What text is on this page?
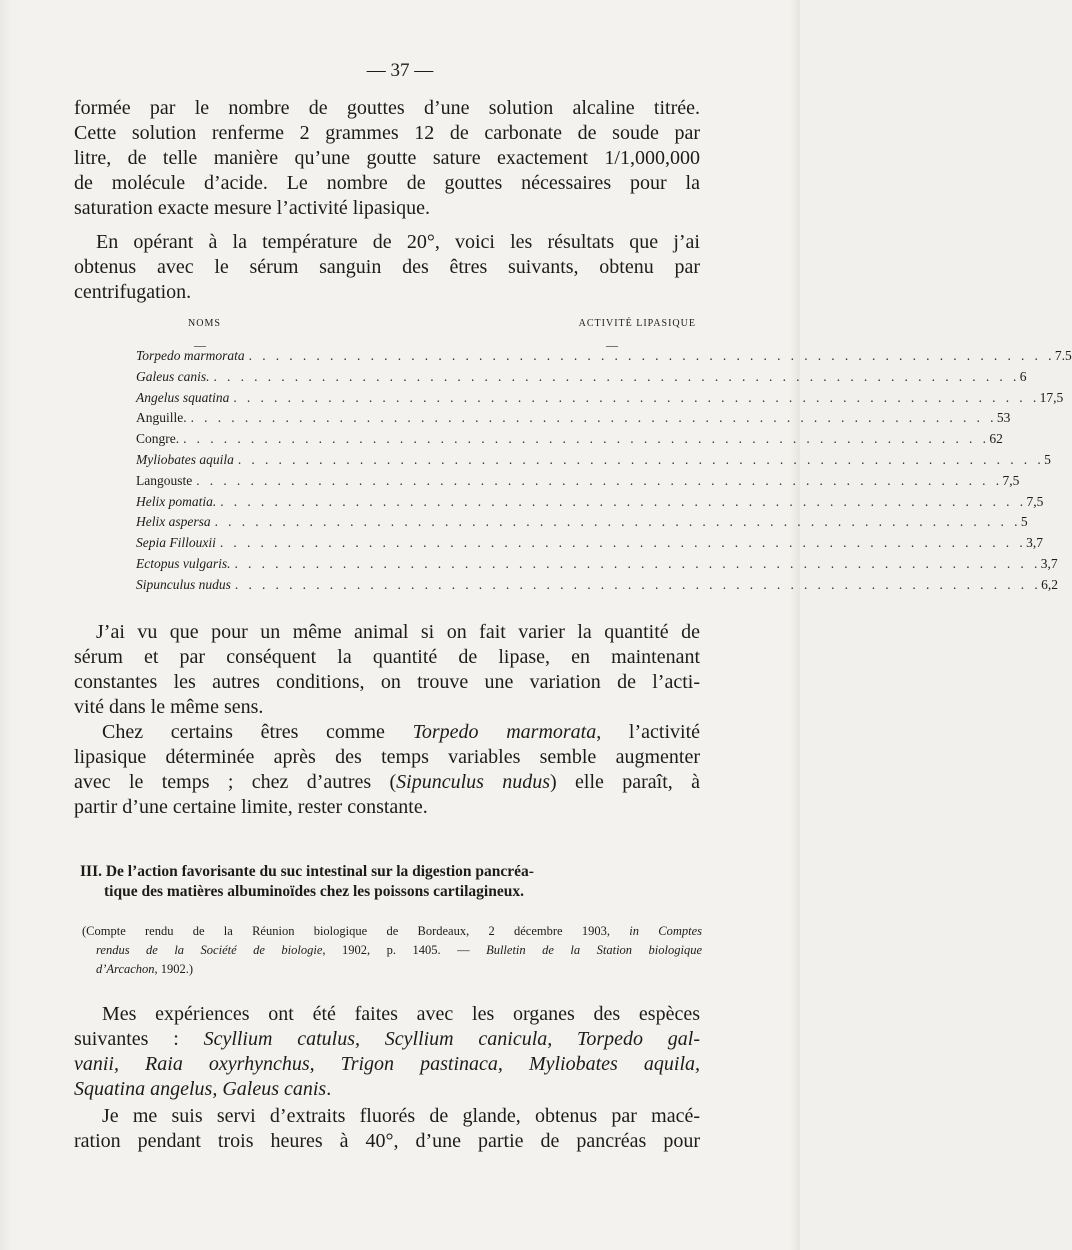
— 37 —

formée par le nombre de gouttes d’une solution alcaline titrée.

Cette solution renferme 2 grammes 12 de carbonate de soude par

litre, de telle manière qu’une goutte sature exactement 1/1,000,000

de molécule d’acide. Le nombre de gouttes nécessaires pour la

saturation exacte mesure l’activité lipasique.

En opérant à la température de 20°, voici les résultats que j’ai

obtenus avec le sérum sanguin des êtres suivants, obtenu par

centrifugation.

NOMS	ACTIVITÉ LIPASIQUE
—	—
Torpedo marmorata . . . . . . . . . . . . . . . . . . . . . . . . . . . . . . . . . . . . . . . . . . . . . . . . . . . . . . . . . . . . 7.5
Galeus canis. . . . . . . . . . . . . . . . . . . . . . . . . . . . . . . . . . . . . . . . . . . . . . . . . . . . . . . . . . . . . 6
Angelus squatina . . . . . . . . . . . . . . . . . . . . . . . . . . . . . . . . . . . . . . . . . . . . . . . . . . . . . . . . . . . . 17,5
Anguille. . . . . . . . . . . . . . . . . . . . . . . . . . . . . . . . . . . . . . . . . . . . . . . . . . . . . . . . . . . . . 53
Congre. . . . . . . . . . . . . . . . . . . . . . . . . . . . . . . . . . . . . . . . . . . . . . . . . . . . . . . . . . . . . 62
Myliobates aquila . . . . . . . . . . . . . . . . . . . . . . . . . . . . . . . . . . . . . . . . . . . . . . . . . . . . . . . . . . . . 5
Langouste . . . . . . . . . . . . . . . . . . . . . . . . . . . . . . . . . . . . . . . . . . . . . . . . . . . . . . . . . . . . 7,5
Helix pomatia. . . . . . . . . . . . . . . . . . . . . . . . . . . . . . . . . . . . . . . . . . . . . . . . . . . . . . . . . . . . . 7,5
Helix aspersa . . . . . . . . . . . . . . . . . . . . . . . . . . . . . . . . . . . . . . . . . . . . . . . . . . . . . . . . . . . . 5
Sepia Fillouxii . . . . . . . . . . . . . . . . . . . . . . . . . . . . . . . . . . . . . . . . . . . . . . . . . . . . . . . . . . . . 3,7
Ectopus vulgaris. . . . . . . . . . . . . . . . . . . . . . . . . . . . . . . . . . . . . . . . . . . . . . . . . . . . . . . . . . . . . 3,7
Sipunculus nudus . . . . . . . . . . . . . . . . . . . . . . . . . . . . . . . . . . . . . . . . . . . . . . . . . . . . . . . . . . . . 6,2

J’ai vu que pour un même animal si on fait varier la quantité de

sérum et par conséquent la quantité de lipase, en maintenant

constantes les autres conditions, on trouve une variation de l’acti-

vité dans le même sens.

Chez certains êtres comme Torpedo marmorata, l’activité

lipasique déterminée après des temps variables semble augmenter

avec le temps ; chez d’autres (Sipunculus nudus) elle paraît, à

partir d’une certaine limite, rester constante.

III. De l’action favorisante du suc intestinal sur la digestion pancréa-
tique des matières albuminoïdes chez les poissons cartilagineux.
(Compte rendu de la Réunion biologique de Bordeaux, 2 décembre 1903, in Comptes
rendus de la Société de biologie, 1902, p. 1405. — Bulletin de la Station biologique
d’Arcachon, 1902.)

Mes expériences ont été faites avec les organes des espèces

suivantes : Scyllium catulus, Scyllium canicula, Torpedo gal-

vanii, Raia oxyrhynchus, Trigon pastinaca, Myliobates aquila,

Squatina angelus, Galeus canis.

Je me suis servi d’extraits fluorés de glande, obtenus par macé-

ration pendant trois heures à 40°, d’une partie de pancréas pour
